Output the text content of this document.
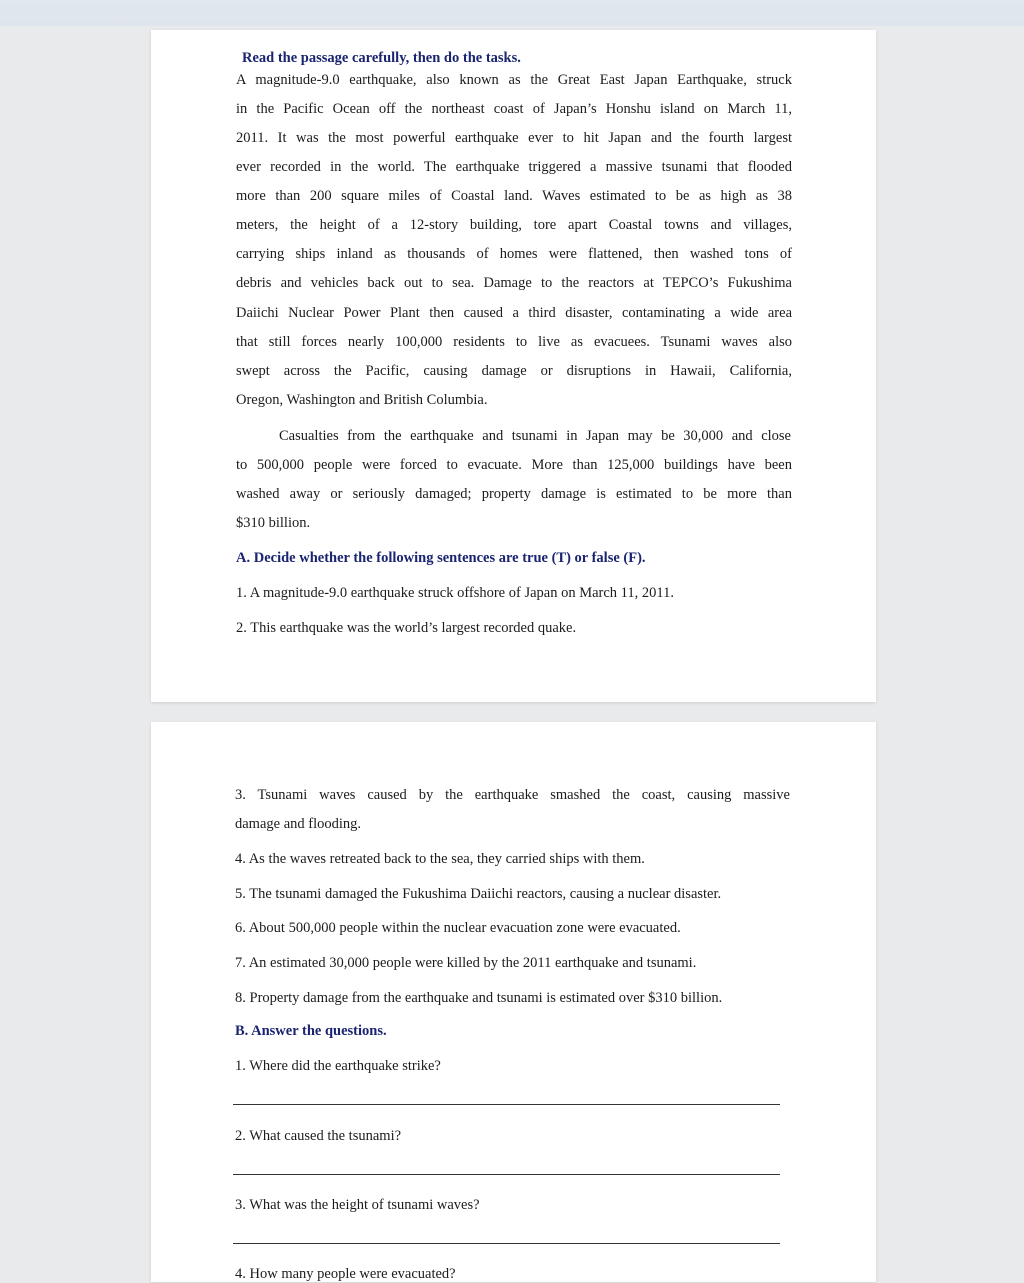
Read the passage carefully, then do the tasks.

A magnitude-9.0 earthquake, also known as the Great East Japan Earthquake, struck

in the Pacific Ocean off the northeast coast of Japan’s Honshu island on March 11,

2011. It was the most powerful earthquake ever to hit Japan and the fourth largest

ever recorded in the world. The earthquake triggered a massive tsunami that flooded

more than 200 square miles of Coastal land. Waves estimated to be as high as 38

meters, the height of a 12-story building, tore apart Coastal towns and villages,

carrying ships inland as thousands of homes were flattened, then washed tons of

debris and vehicles back out to sea. Damage to the reactors at TEPCO’s Fukushima

Daiichi Nuclear Power Plant then caused a third disaster, contaminating a wide area

that still forces nearly 100,000 residents to live as evacuees. Tsunami waves also

swept across the Pacific, causing damage or disruptions in Hawaii, California,

Oregon, Washington and British Columbia.

Casualties from the earthquake and tsunami in Japan may be 30,000 and close

to 500,000 people were forced to evacuate. More than 125,000 buildings have been

washed away or seriously damaged; property damage is estimated to be more than

$310 billion.

A. Decide whether the following sentences are true (T) or false (F).

1. A magnitude-9.0 earthquake struck offshore of Japan on March 11, 2011.

2. This earthquake was the world’s largest recorded quake.

3. Tsunami waves caused by the earthquake smashed the coast, causing massive

damage and flooding.

4. As the waves retreated back to the sea, they carried ships with them.

5. The tsunami damaged the Fukushima Daiichi reactors, causing a nuclear disaster.

6. About 500,000 people within the nuclear evacuation zone were evacuated.

7. An estimated 30,000 people were killed by the 2011 earthquake and tsunami.

8. Property damage from the earthquake and tsunami is estimated over $310 billion.

B. Answer the questions.

1. Where did the earthquake strike?

2. What caused the tsunami?

3. What was the height of tsunami waves?

4. How many people were evacuated?
